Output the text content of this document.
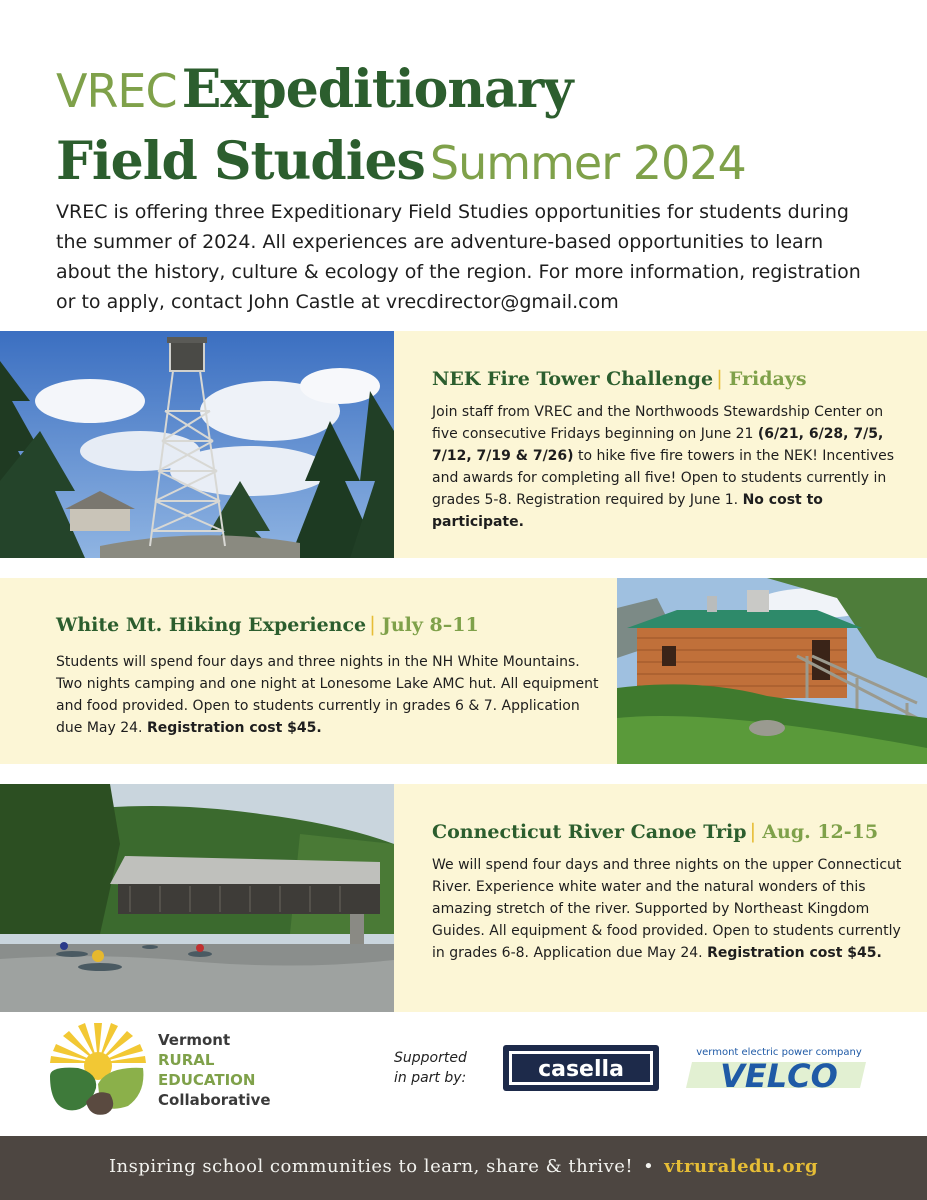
VREC Expeditionary
Field Studies Summer 2024

VREC is offering three Expeditionary Field Studies opportunities for students during the summer of 2024. All experiences are adventure-based opportunities to learn about the history, culture & ecology of the region. For more information, registration or to apply, contact John Castle at vrecdirector@gmail.com

NEK Fire Tower Challenge | Fridays

Join staff from VREC and the Northwoods Stewardship Center on five consecutive Fridays beginning on June 21 (6/21, 6/28, 7/5, 7/12, 7/19 & 7/26) to hike five fire towers in the NEK! Incentives and awards for completing all five! Open to students currently in grades 5-8. Registration required by June 1. No cost to participate.

White Mt. Hiking Experience | July 8–11

Students will spend four days and three nights in the NH White Mountains. Two nights camping and one night at Lonesome Lake AMC hut. All equipment and food provided. Open to students currently in grades 6 & 7. Application due May 24. Registration cost $45.

Connecticut River Canoe Trip | Aug. 12-15

We will spend four days and three nights on the upper Connecticut River. Experience white water and the natural wonders of this amazing stretch of the river. Supported by Northeast Kingdom Guides. All equipment & food provided. Open to students currently in grades 6-8. Application due May 24. Registration cost $45.

Vermont
RURAL
EDUCATION
Collaborative
Supported
in part by:	casella
vermont electric power company
VELCO
Inspiring school communities to learn, share & thrive! • vtruraledu.org
